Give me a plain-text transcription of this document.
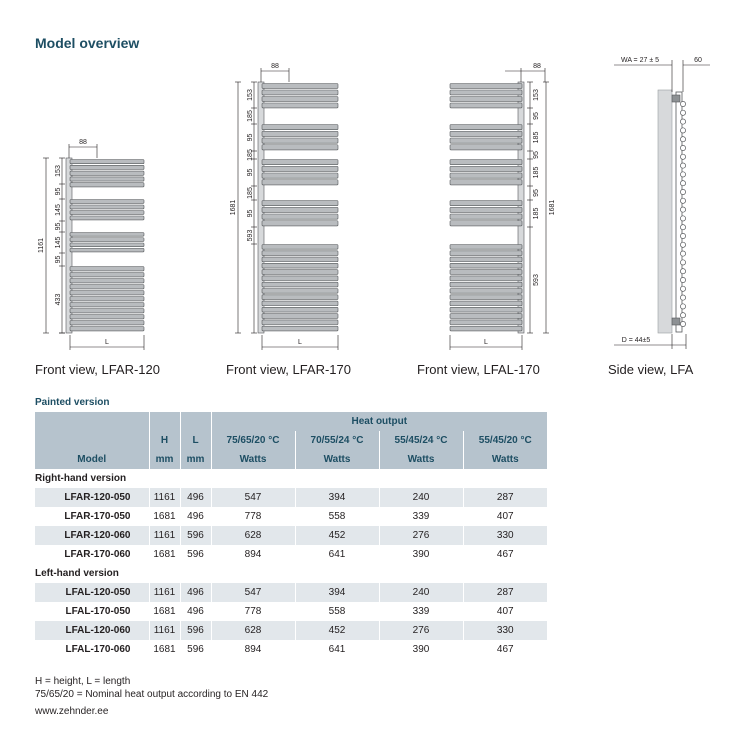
Model overview
88
L
1161
153
95
145
95
145
95
433
88
L
1681
153
185
95
185
95
185
95
593
88
L
1681
153
95
185
95
185
95
185
593
WA = 27 ± 5	60
D = 44±5
Front view, LFAR-120	Front view, LFAR-170	Front view, LFAL-170	Side view, LFA
Painted version
			Heat output			
	H	L	75/65/20 °C	70/55/24 °C	55/45/24 °C	55/45/20 °C
Model	mm	mm	Watts	Watts	Watts	Watts
Right-hand version						
LFAR-120-050	1161	496	547	394	240	287
LFAR-170-050	1681	496	778	558	339	407
LFAR-120-060	1161	596	628	452	276	330
LFAR-170-060	1681	596	894	641	390	467
Left-hand version						
LFAL-120-050	1161	496	547	394	240	287
LFAL-170-050	1681	496	778	558	339	407
LFAL-120-060	1161	596	628	452	276	330
LFAL-170-060	1681	596	894	641	390	467
H = height, L = length
75/65/20 = Nominal heat output according to EN 442
www.zehnder.ee
